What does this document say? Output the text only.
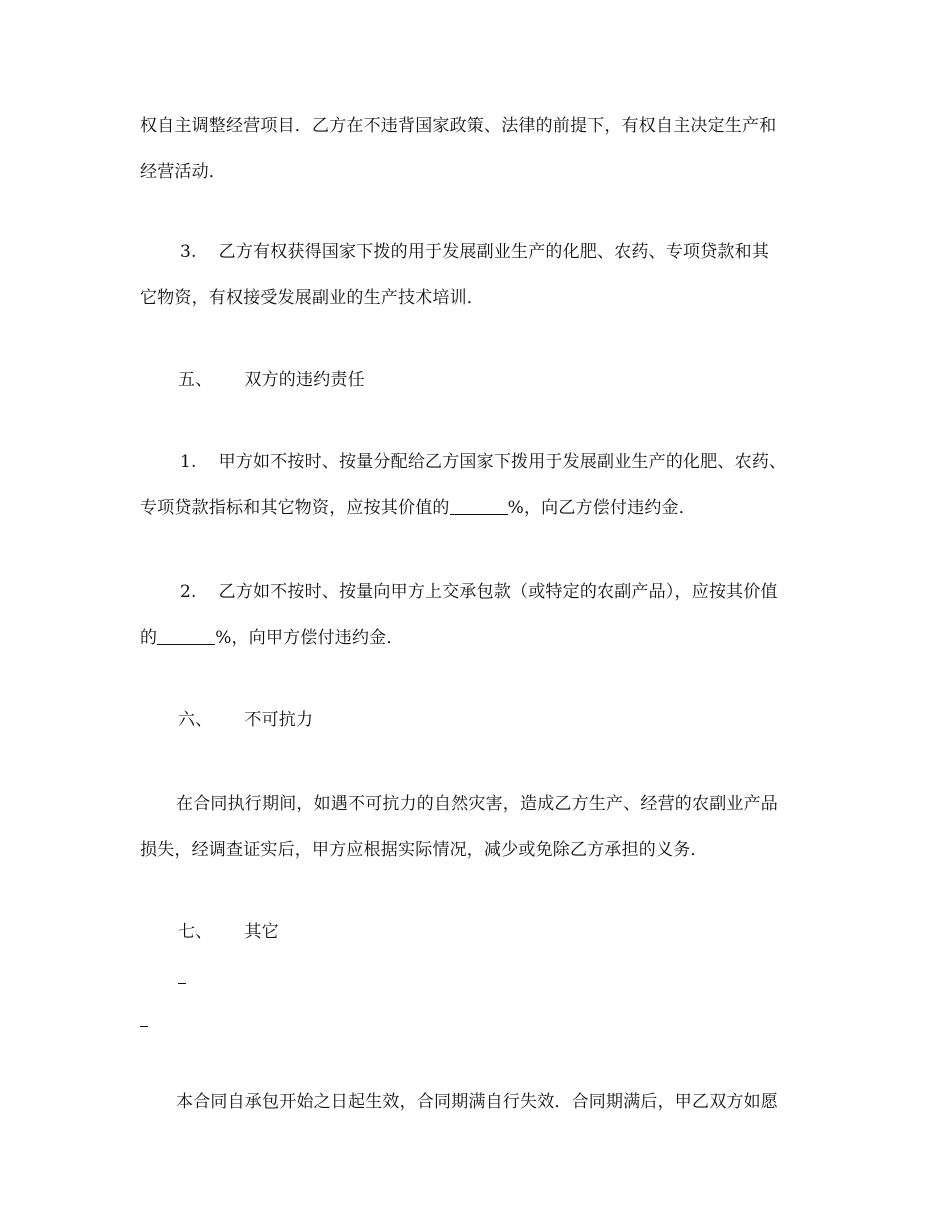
权自主调整经营项目．乙方在不违背国家政策、法律的前提下，有权自主决定生产和
经营活动．
3. 乙方有权获得国家下拨的用于发展副业生产的化肥、农药、专项贷款和其
它物资，有权接受发展副业的生产技术培训．
五、 双方的违约责任
1. 甲方如不按时、按量分配给乙方国家下拨用于发展副业生产的化肥、农药、
专项贷款指标和其它物资，应按其价值的	%，向乙方偿付违约金．
2. 乙方如不按时、按量向甲方上交承包款（或特定的农副产品），应按其价值
的	%，向甲方偿付违约金．
六、 不可抗力
在合同执行期间，如遇不可抗力的自然灾害，造成乙方生产、经营的农副业产品
损失，经调查证实后，甲方应根据实际情况，减少或免除乙方承担的义务．
七、 其它
本合同自承包开始之日起生效，合同期满自行失效．合同期满后，甲乙双方如愿
